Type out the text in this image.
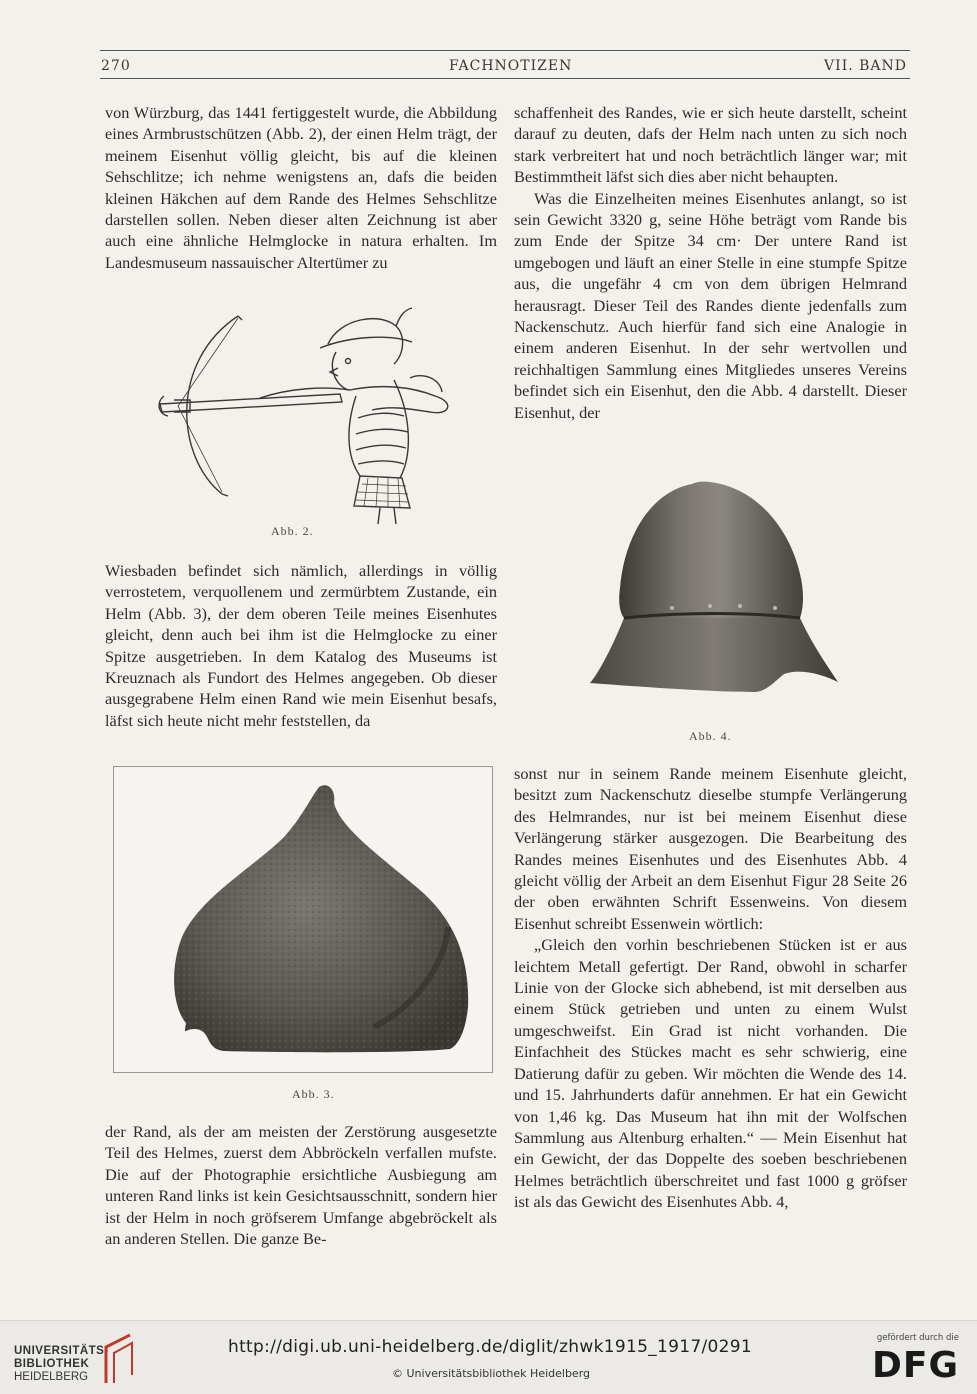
270	FACHNOTIZEN	VII. BAND

von Würzburg, das 1441 fertiggestelt wurde, die Abbildung eines Armbrustschützen (Abb. 2), der einen Helm trägt, der meinem Eisenhut völlig gleicht, bis auf die kleinen Sehschlitze; ich nehme wenigstens an, dafs die beiden kleinen Häkchen auf dem Rande des Helmes Sehschlitze darstellen sollen. Neben dieser alten Zeichnung ist aber auch eine ähnliche Helmglocke in natura erhalten. Im Landesmuseum nassauischer Altertümer zu

Abb. 2.

Wiesbaden befindet sich nämlich, allerdings in völlig verrostetem, verquollenem und zermürbtem Zustande, ein Helm (Abb. 3), der dem oberen Teile meines Eisenhutes gleicht, denn auch bei ihm ist die Helmglocke zu einer Spitze ausgetrieben. In dem Katalog des Museums ist Kreuznach als Fundort des Helmes angegeben. Ob dieser ausgegrabene Helm einen Rand wie mein Eisenhut besafs, läfst sich heute nicht mehr feststellen, da

Abb. 3.

der Rand, als der am meisten der Zerstörung ausgesetzte Teil des Helmes, zuerst dem Abbröckeln verfallen mufste. Die auf der Photographie ersichtliche Ausbiegung am unteren Rand links ist kein Gesichtsausschnitt, sondern hier ist der Helm in noch gröfserem Umfange abgebröckelt als an anderen Stellen. Die ganze Be-

schaffenheit des Randes, wie er sich heute darstellt, scheint darauf zu deuten, dafs der Helm nach unten zu sich noch stark verbreitert hat und noch beträchtlich länger war; mit Bestimmtheit läfst sich dies aber nicht behaupten.

Was die Einzelheiten meines Eisenhutes anlangt, so ist sein Gewicht 3320 g, seine Höhe beträgt vom Rande bis zum Ende der Spitze 34 cm· Der untere Rand ist umgebogen und läuft an einer Stelle in eine stumpfe Spitze aus, die ungefähr 4 cm von dem übrigen Helmrand herausragt. Dieser Teil des Randes diente jedenfalls zum Nackenschutz. Auch hierfür fand sich eine Analogie in einem anderen Eisenhut. In der sehr wertvollen und reichhaltigen Sammlung eines Mitgliedes unseres Vereins befindet sich ein Eisenhut, den die Abb. 4 darstellt. Dieser Eisenhut, der

Abb. 4.

sonst nur in seinem Rande meinem Eisenhute gleicht, besitzt zum Nackenschutz dieselbe stumpfe Verlängerung des Helmrandes, nur ist bei meinem Eisenhut diese Verlängerung stärker ausgezogen. Die Bearbeitung des Randes meines Eisenhutes und des Eisenhutes Abb. 4 gleicht völlig der Arbeit an dem Eisenhut Figur 28 Seite 26 der oben erwähnten Schrift Essenweins. Von diesem Eisenhut schreibt Essenwein wörtlich:

„Gleich den vorhin beschriebenen Stücken ist er aus leichtem Metall gefertigt. Der Rand, obwohl in scharfer Linie von der Glocke sich abhebend, ist mit derselben aus einem Stück getrieben und unten zu einem Wulst umgeschweifst. Ein Grad ist nicht vorhanden. Die Einfachheit des Stückes macht es sehr schwierig, eine Datierung dafür zu geben. Wir möchten die Wende des 14. und 15. Jahrhunderts dafür annehmen. Er hat ein Gewicht von 1,46 kg. Das Museum hat ihn mit der Wolfschen Sammlung aus Altenburg erhalten.“ — Mein Eisenhut hat ein Gewicht, der das Doppelte des soeben beschriebenen Helmes beträchtlich überschreitet und fast 1000 g gröfser ist als das Gewicht des Eisenhutes Abb. 4,

UNIVERSITÄTS-
BIBLIOTHEK
HEIDELBERG
http://digi.ub.uni-heidelberg.de/diglit/zhwk1915_1917/0291
© Universitätsbibliothek Heidelberg
gefördert durch die
DFG
